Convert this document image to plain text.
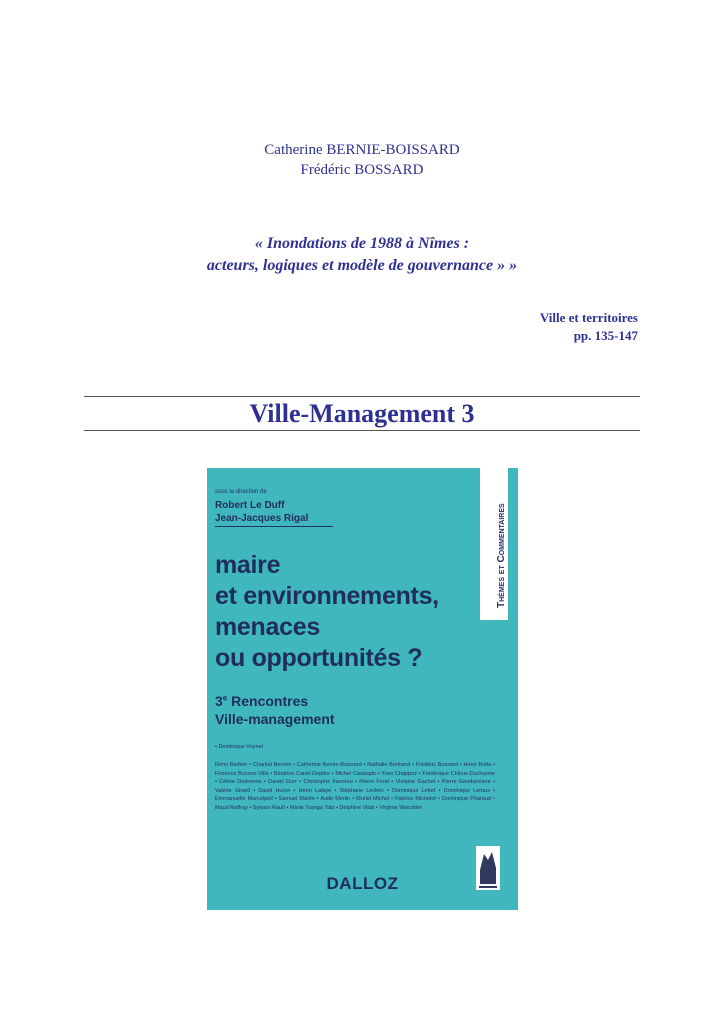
Catherine BERNIE-BOISSARD
Frédéric BOSSARD
« Inondations de 1988 à Nîmes :
acteurs, logiques et modèle de gouvernance » »
Ville et territoires
pp. 135-147
Ville-Management 3
sous la direction de
Robert Le Duff
Jean-Jacques Rigal	Thèmes et Commentaires
maire
et environnements,
menaces
ou opportunités ?
3e Rencontres
Ville-management
• Dominique Voynet
Rémi Barbier • Chantal Bernier • Catherine Bernie-Boissard • Nathalie Bertrand • Frédéric Bossard • Henri Botta • Florence Busson-Villa • Béatrice Canel-Depitre • Michel Castaigts • Yves Chappoz • Frédérique Chlous-Ducharme • Céline Dedrenne • Daniel Durr • Christophe Favoreu • Pierre Frost • Violaine Gachet • Pierre Gendanniere • Valérie Girard • David Huron • Henri Lafaye • Stéphane Leclerc • Dominique Lefort • Dominique Leroux • Emmanuelle Marcelpoil • Samuel Martin • Aude Merlin • Muriel Michel • Fabrice Michelot • Dominique Pharaud • Maud Raffray • Sylvain Rault • Marie Tsanga Tabi • Delphine Vitali • Virginie Wanzitter
DALLOZ
